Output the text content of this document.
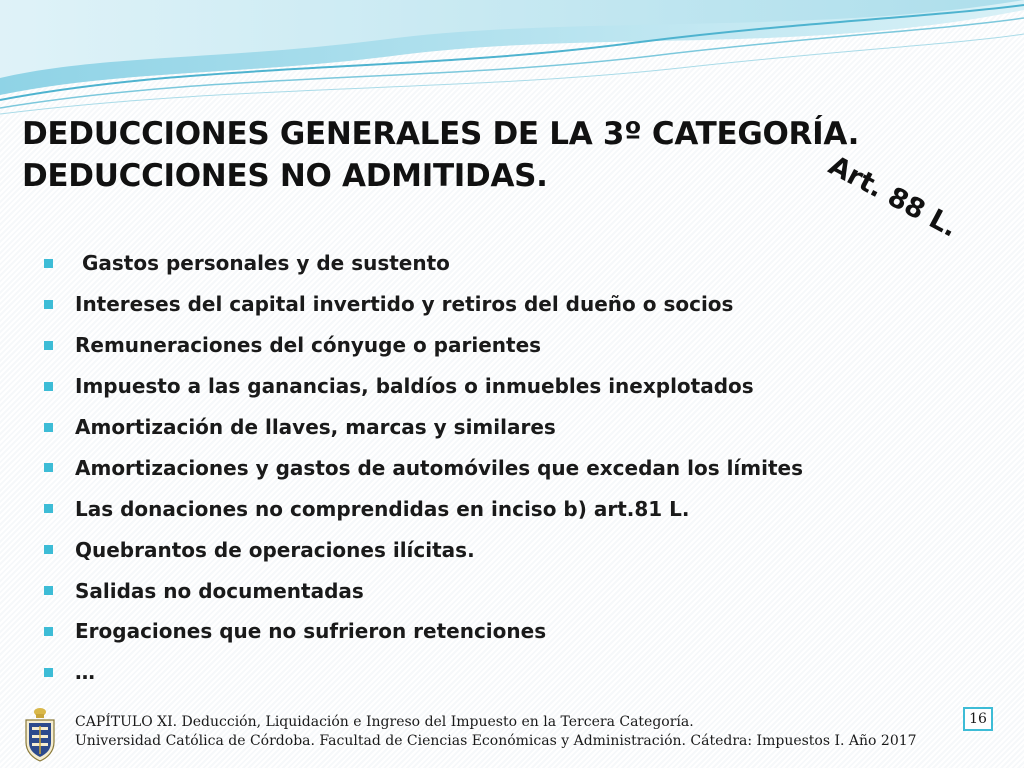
DEDUCCIONES GENERALES DE LA 3º CATEGORÍA.
DEDUCCIONES NO ADMITIDAS.	Art. 88 L.
Gastos personales y de sustento
Intereses del capital invertido y retiros del dueño o socios
Remuneraciones del cónyuge o parientes
Impuesto a las ganancias, baldíos o inmuebles inexplotados
Amortización de llaves, marcas y similares
Amortizaciones y gastos de automóviles que excedan los límites
Las donaciones no comprendidas en inciso b) art.81 L.
Quebrantos de operaciones ilícitas.
Salidas no documentadas
Erogaciones que no sufrieron retenciones
…
CAPÍTULO XI. Deducción, Liquidación e Ingreso del Impuesto en la Tercera Categoría.
Universidad Católica de Córdoba. Facultad de Ciencias Económicas y Administración. Cátedra: Impuestos I. Año 2017
16
